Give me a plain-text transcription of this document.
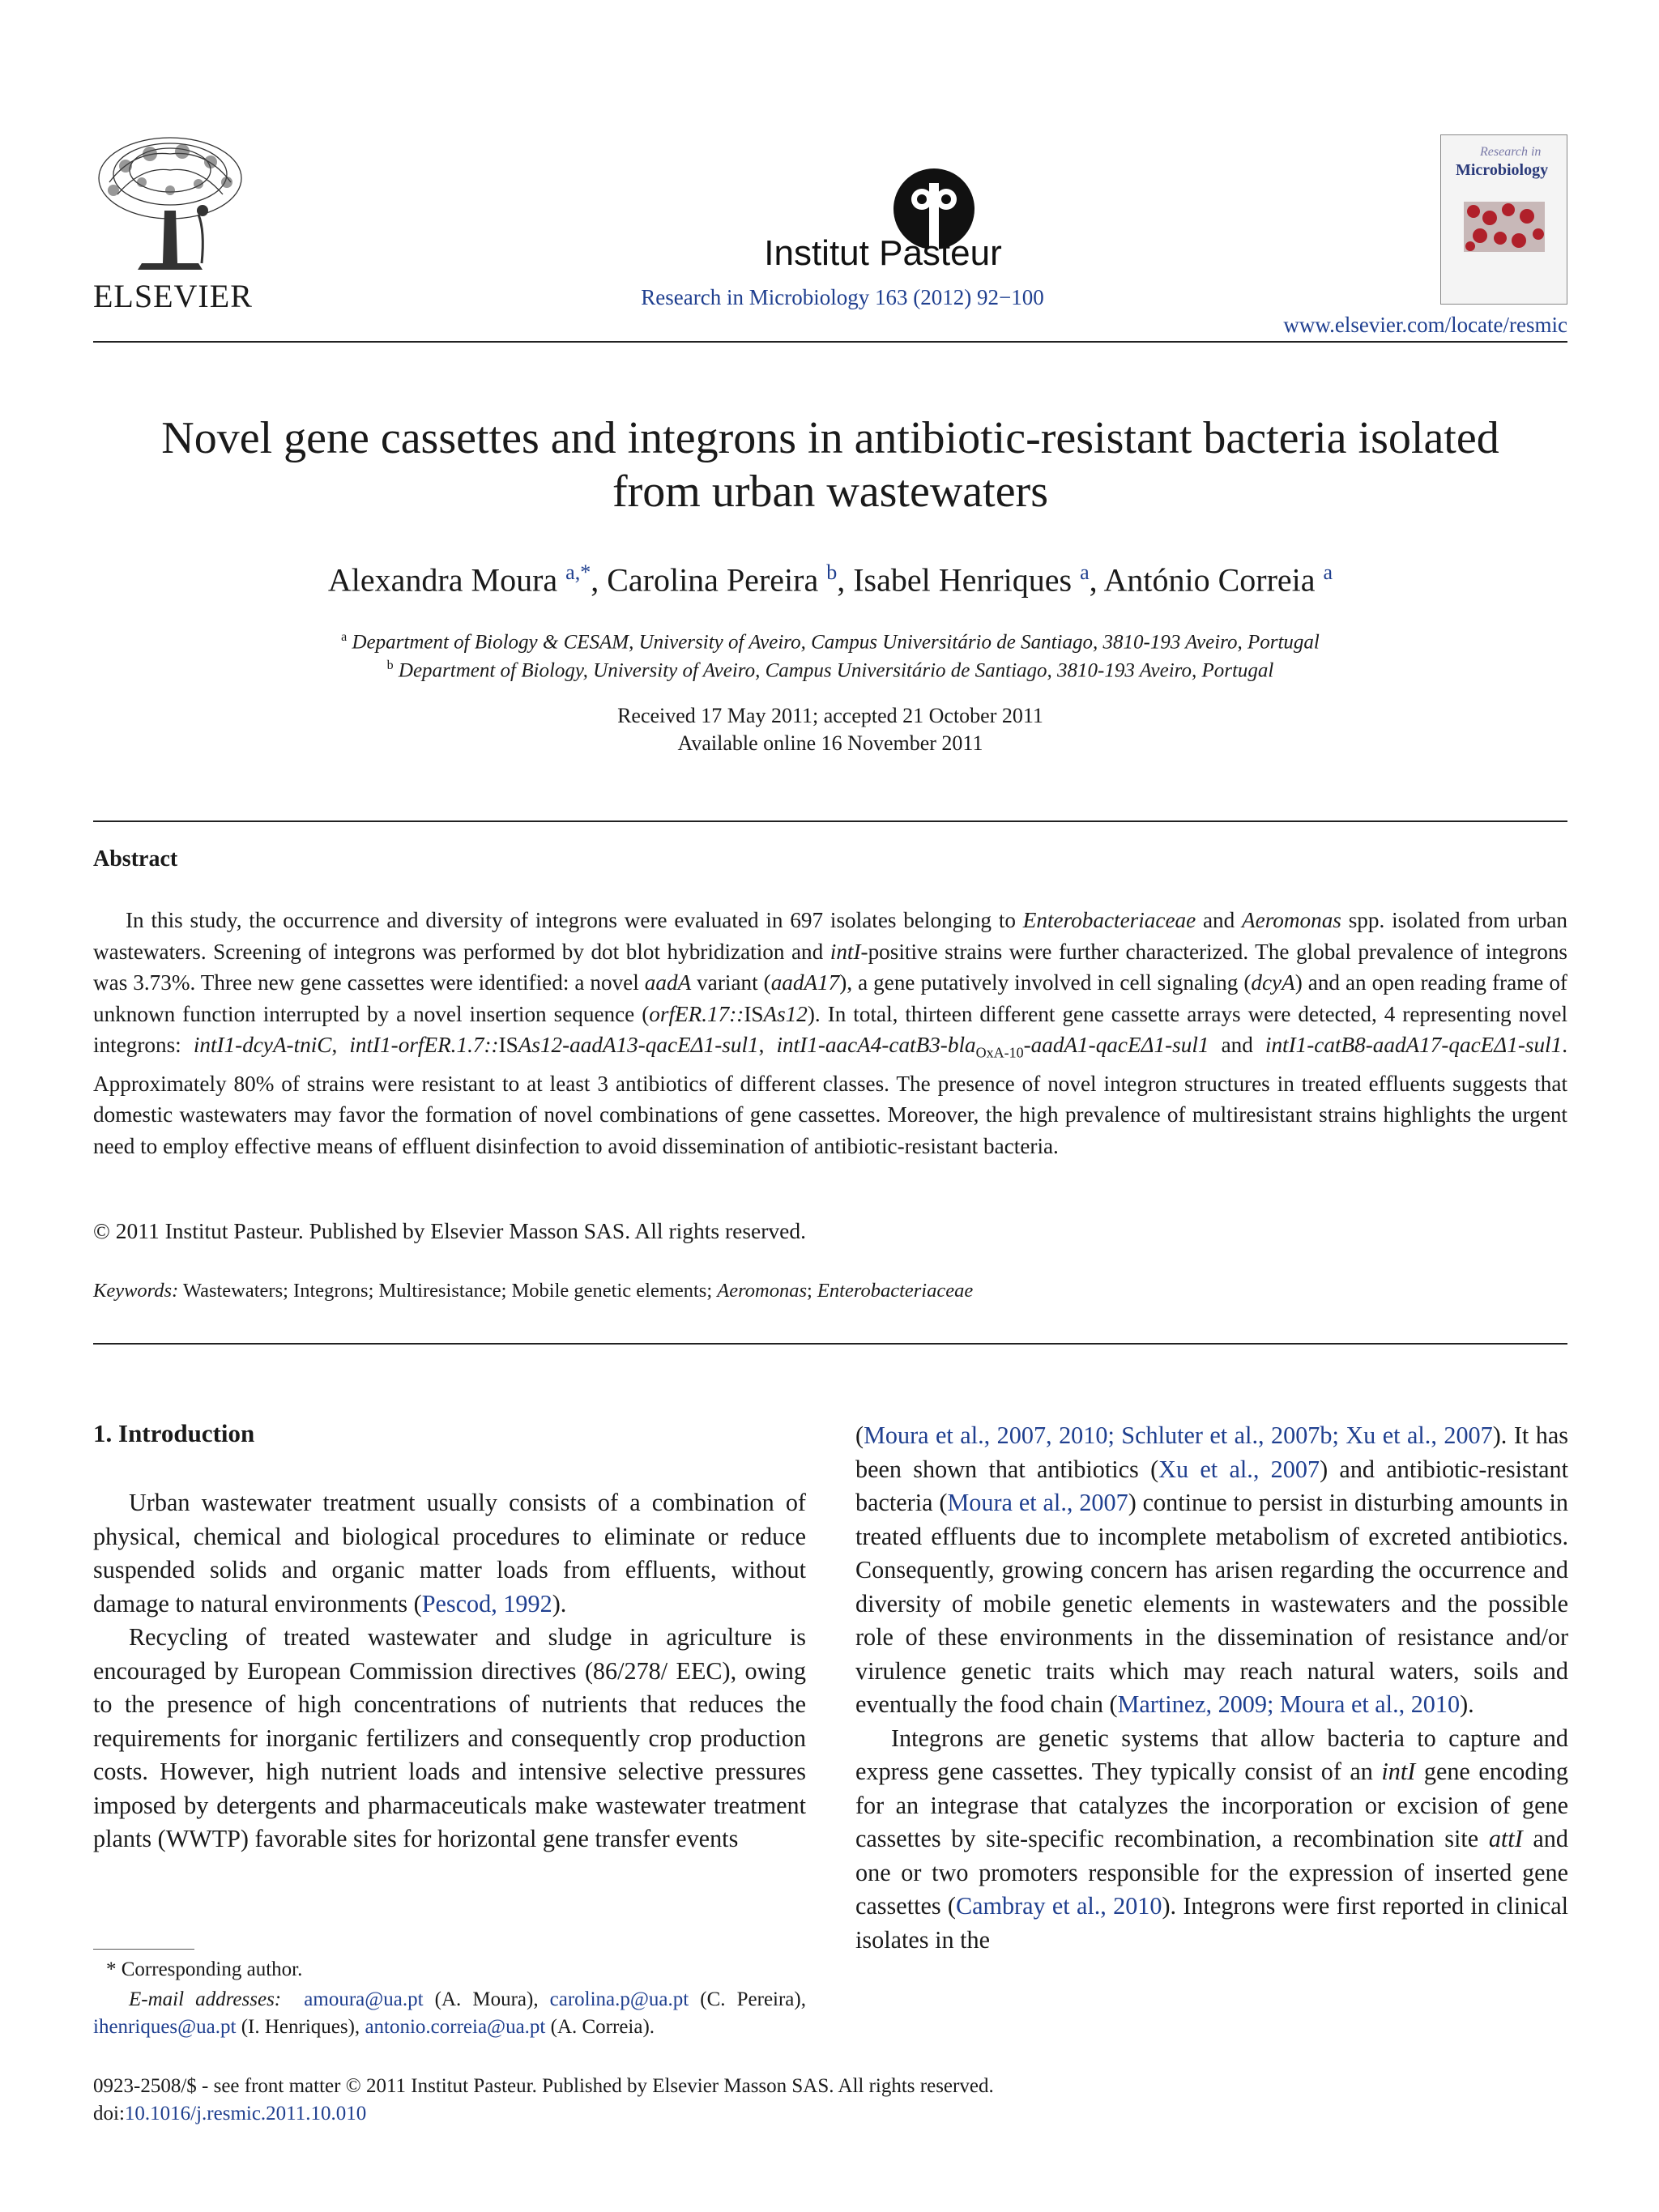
ELSEVIER
Institut Pasteur
Research in Microbiology 163 (2012) 92−100
Research in
Microbiology
www.elsevier.com/locate/resmic
Novel gene cassettes and integrons in antibiotic-resistant bacteria isolated
from urban wastewaters
Alexandra Moura $^{a,*}$, Carolina Pereira $^b$, Isabel Henriques $^a$, António Correia $^a$
$^a$ Department of Biology & CESAM, University of Aveiro, Campus Universitário de Santiago, 3810-193 Aveiro, Portugal
$^b$ Department of Biology, University of Aveiro, Campus Universitário de Santiago, 3810-193 Aveiro, Portugal
Received 17 May 2011; accepted 21 October 2011
Available online 16 November 2011
Abstract
In this study, the occurrence and diversity of integrons were evaluated in 697 isolates belonging to Enterobacteriaceae and Aeromonas spp. isolated from urban wastewaters. Screening of integrons was performed by dot blot hybridization and intI-positive strains were further characterized. The global prevalence of integrons was 3.73%. Three new gene cassettes were identified: a novel aadA variant (aadA17), a gene putatively involved in cell signaling (dcyA) and an open reading frame of unknown function interrupted by a novel insertion sequence (orfER.17::ISAs12). In total, thirteen different gene cassette arrays were detected, 4 representing novel integrons: intI1-dcyA-tniC, intI1-orfER.1.7::ISAs12-aadA13-qacEΔ1-sul1, intI1-aacA4-catB3-bla$_{OxA-10}$-aadA1-qacEΔ1-sul1 and intI1-catB8-aadA17-qacEΔ1-sul1. Approximately 80% of strains were resistant to at least 3 antibiotics of different classes. The presence of novel integron structures in treated effluents suggests that domestic wastewaters may favor the formation of novel combinations of gene cassettes. Moreover, the high prevalence of multiresistant strains highlights the urgent need to employ effective means of effluent disinfection to avoid dissemination of antibiotic-resistant bacteria.
© 2011 Institut Pasteur. Published by Elsevier Masson SAS. All rights reserved.
Keywords: Wastewaters; Integrons; Multiresistance; Mobile genetic elements; Aeromonas; Enterobacteriaceae
1. Introduction

Urban wastewater treatment usually consists of a combination of physical, chemical and biological procedures to eliminate or reduce suspended solids and organic matter loads from effluents, without damage to natural environments (Pescod, 1992).

Recycling of treated wastewater and sludge in agriculture is encouraged by European Commission directives (86/278/ EEC), owing to the presence of high concentrations of nutrients that reduces the requirements for inorganic fertilizers and consequently crop production costs. However, high nutrient loads and intensive selective pressures imposed by detergents and pharmaceuticals make wastewater treatment plants (WWTP) favorable sites for horizontal gene transfer events

(Moura et al., 2007, 2010; Schluter et al., 2007b; Xu et al., 2007). It has been shown that antibiotics (Xu et al., 2007) and antibiotic-resistant bacteria (Moura et al., 2007) continue to persist in disturbing amounts in treated effluents due to incomplete metabolism of excreted antibiotics. Consequently, growing concern has arisen regarding the occurrence and diversity of mobile genetic elements in wastewaters and the possible role of these environments in the dissemination of resistance and/or virulence genetic traits which may reach natural waters, soils and eventually the food chain (Martinez, 2009; Moura et al., 2010).

Integrons are genetic systems that allow bacteria to capture and express gene cassettes. They typically consist of an intI gene encoding for an integrase that catalyzes the incorporation or excision of gene cassettes by site-specific recombination, a recombination site attI and one or two promoters responsible for the expression of inserted gene cassettes (Cambray et al., 2010). Integrons were first reported in clinical isolates in the

* Corresponding author.
E-mail addresses: amoura@ua.pt (A. Moura), carolina.p@ua.pt (C. Pereira), ihenriques@ua.pt (I. Henriques), antonio.correia@ua.pt (A. Correia).
0923-2508/$ - see front matter © 2011 Institut Pasteur. Published by Elsevier Masson SAS. All rights reserved.
doi:10.1016/j.resmic.2011.10.010
